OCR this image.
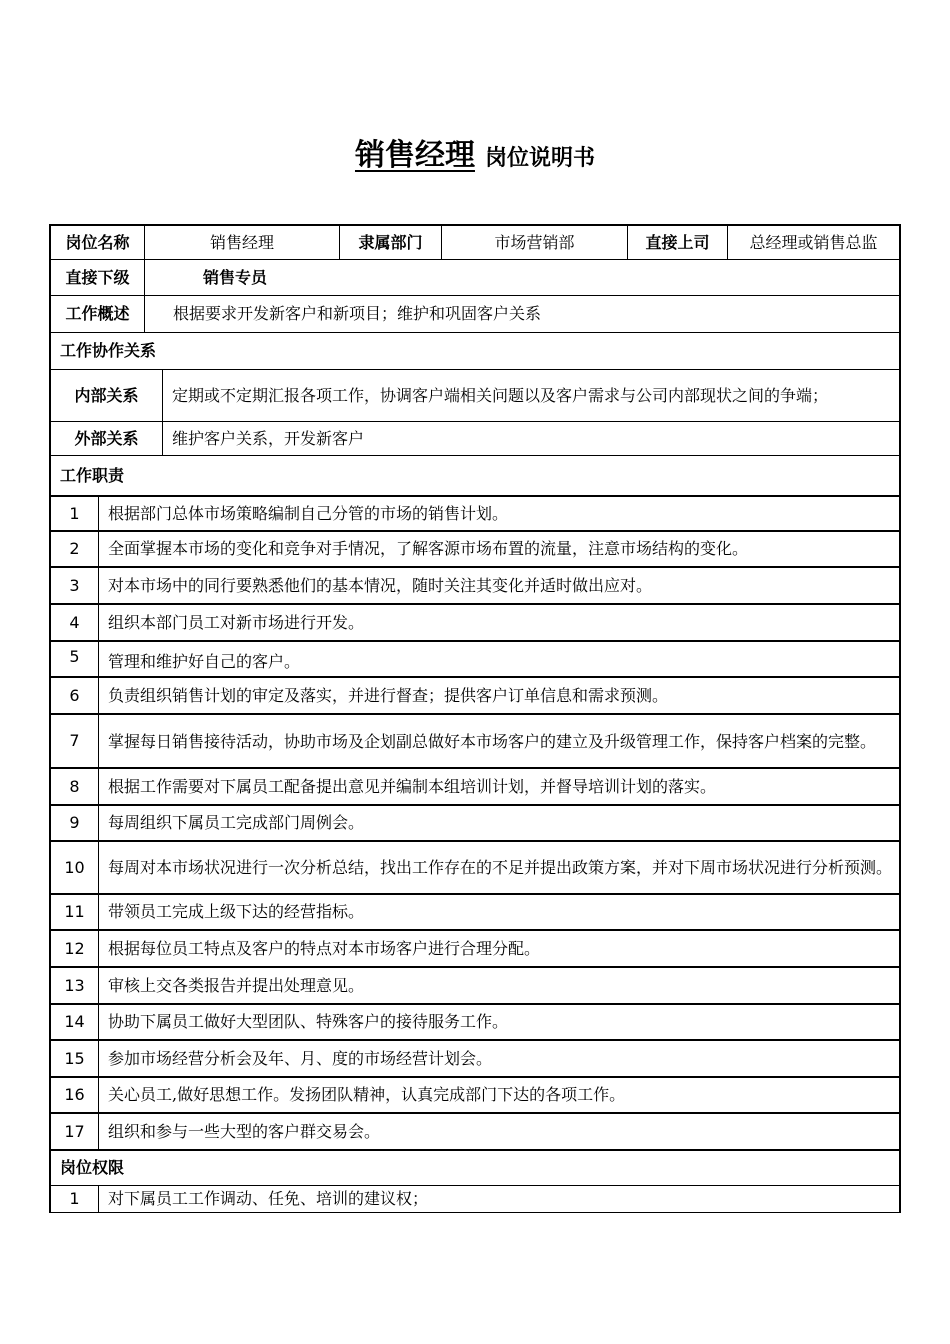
销售经理 岗位说明书
岗位名称	销售经理	隶属部门	市场营销部	直接上司	总经理或销售总监
直接下级	销售专员
工作概述	根据要求开发新客户和新项目；维护和巩固客户关系
工作协作关系
内部关系	定期或不定期汇报各项工作，协调客户端相关问题以及客户需求与公司内部现状之间的争端；
外部关系	维护客户关系，开发新客户
工作职责
1	根据部门总体市场策略编制自己分管的市场的销售计划。
2	全面掌握本市场的变化和竞争对手情况，了解客源市场布置的流量，注意市场结构的变化。
3	对本市场中的同行要熟悉他们的基本情况，随时关注其变化并适时做出应对。
4	组织本部门员工对新市场进行开发。
5	管理和维护好自己的客户。
6	负责组织销售计划的审定及落实，并进行督查；提供客户订单信息和需求预测。
7	掌握每日销售接待活动，协助市场及企划副总做好本市场客户的建立及升级管理工作，保持客户档案的完整。
8	根据工作需要对下属员工配备提出意见并编制本组培训计划，并督导培训计划的落实。
9	每周组织下属员工完成部门周例会。
10	每周对本市场状况进行一次分析总结，找出工作存在的不足并提出政策方案，并对下周市场状况进行分析预测。
11	带领员工完成上级下达的经营指标。
12	根据每位员工特点及客户的特点对本市场客户进行合理分配。
13	审核上交各类报告并提出处理意见。
14	协助下属员工做好大型团队、特殊客户的接待服务工作。
15	参加市场经营分析会及年、月、度的市场经营计划会。
16	关心员工,做好思想工作。发扬团队精神，认真完成部门下达的各项工作。
17	组织和参与一些大型的客户群交易会。
岗位权限
1	对下属员工工作调动、任免、培训的建议权；
